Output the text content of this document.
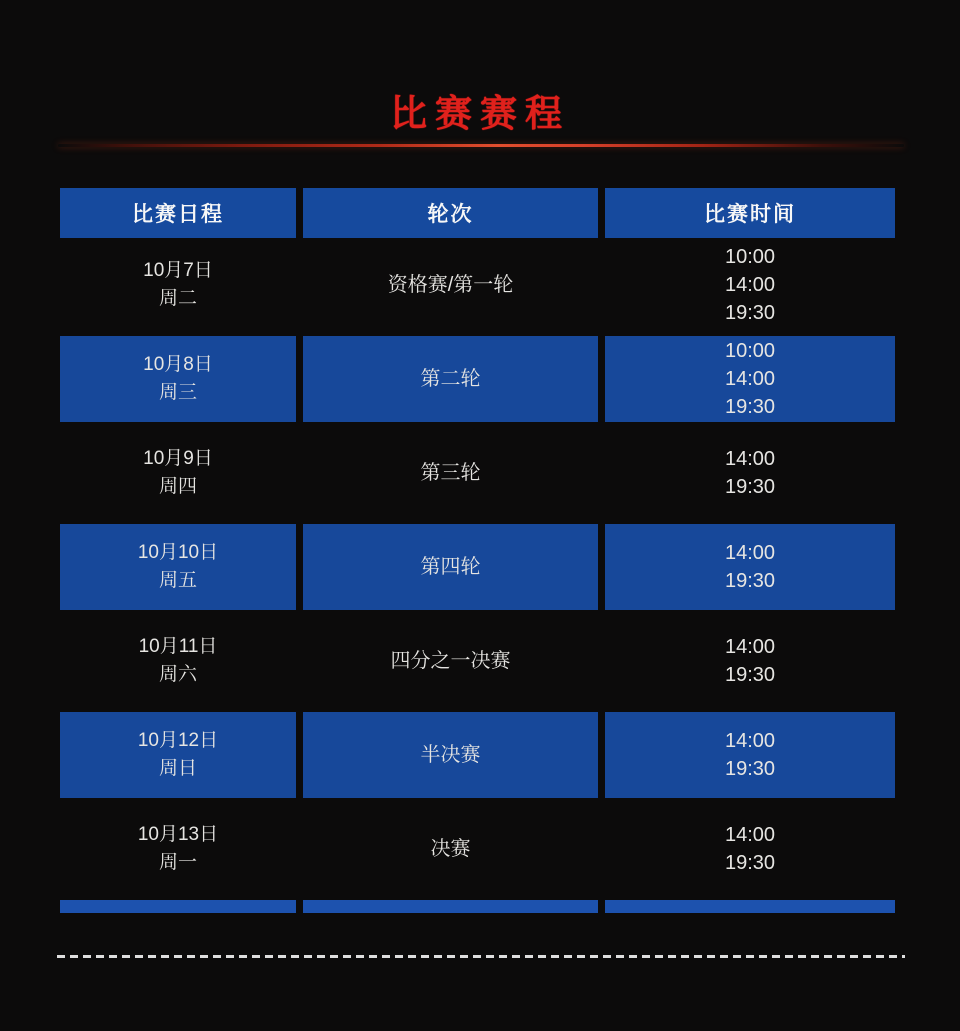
比赛赛程
比赛日程	轮次	比赛时间
10月7日
周二
资格赛/第一轮
10:00
14:00
19:30
10月8日
周三
第二轮
10:00
14:00
19:30
10月9日
周四
第三轮
14:00
19:30
10月10日
周五
第四轮
14:00
19:30
10月11日
周六
四分之一决赛
14:00
19:30
10月12日
周日
半决赛
14:00
19:30
10月13日
周一
决赛
14:00
19:30
